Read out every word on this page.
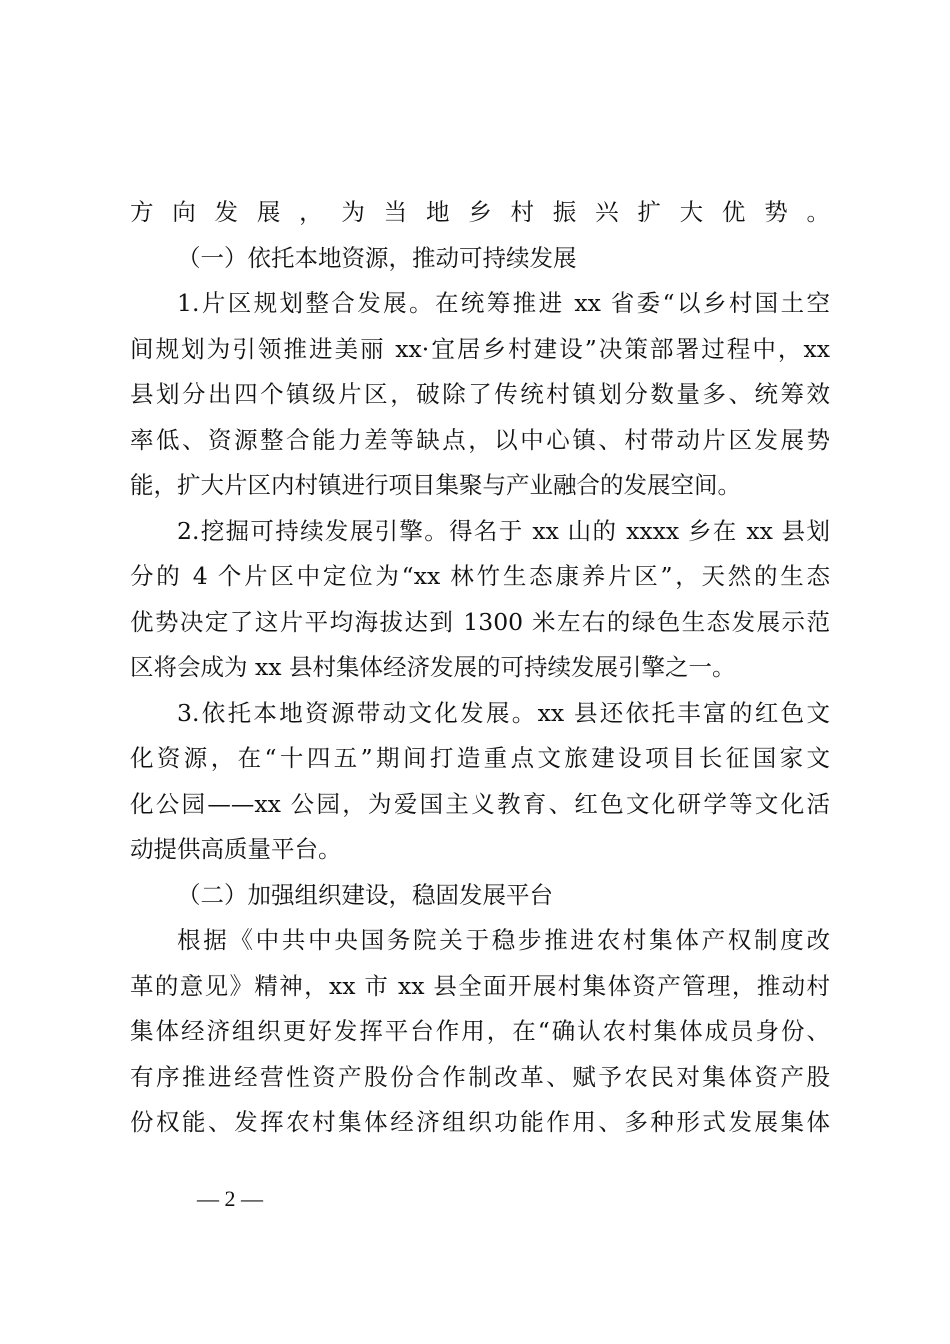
方向发展，为当地乡村振兴扩大优势。
（一）依托本地资源，推动可持续发展
1.片区规划整合发展。在统筹推进 xx 省委“以乡村国土空
间规划为引领推进美丽 xx·宜居乡村建设”决策部署过程中，xx
县划分出四个镇级片区，破除了传统村镇划分数量多、统筹效
率低、资源整合能力差等缺点，以中心镇、村带动片区发展势
能，扩大片区内村镇进行项目集聚与产业融合的发展空间。
2.挖掘可持续发展引擎。得名于 xx 山的 xxxx 乡在 xx 县划
分的 4 个片区中定位为“xx 林竹生态康养片区”，天然的生态
优势决定了这片平均海拔达到 1300 米左右的绿色生态发展示范
区将会成为 xx 县村集体经济发展的可持续发展引擎之一。
3.依托本地资源带动文化发展。xx 县还依托丰富的红色文
化资源，在“十四五”期间打造重点文旅建设项目长征国家文
化公园——xx 公园，为爱国主义教育、红色文化研学等文化活
动提供高质量平台。
（二）加强组织建设，稳固发展平台
根据《中共中央国务院关于稳步推进农村集体产权制度改
革的意见》精神，xx 市 xx 县全面开展村集体资产管理，推动村
集体经济组织更好发挥平台作用，在“确认农村集体成员身份、
有序推进经营性资产股份合作制改革、赋予农民对集体资产股
份权能、发挥农村集体经济组织功能作用、多种形式发展集体
— 2 —
